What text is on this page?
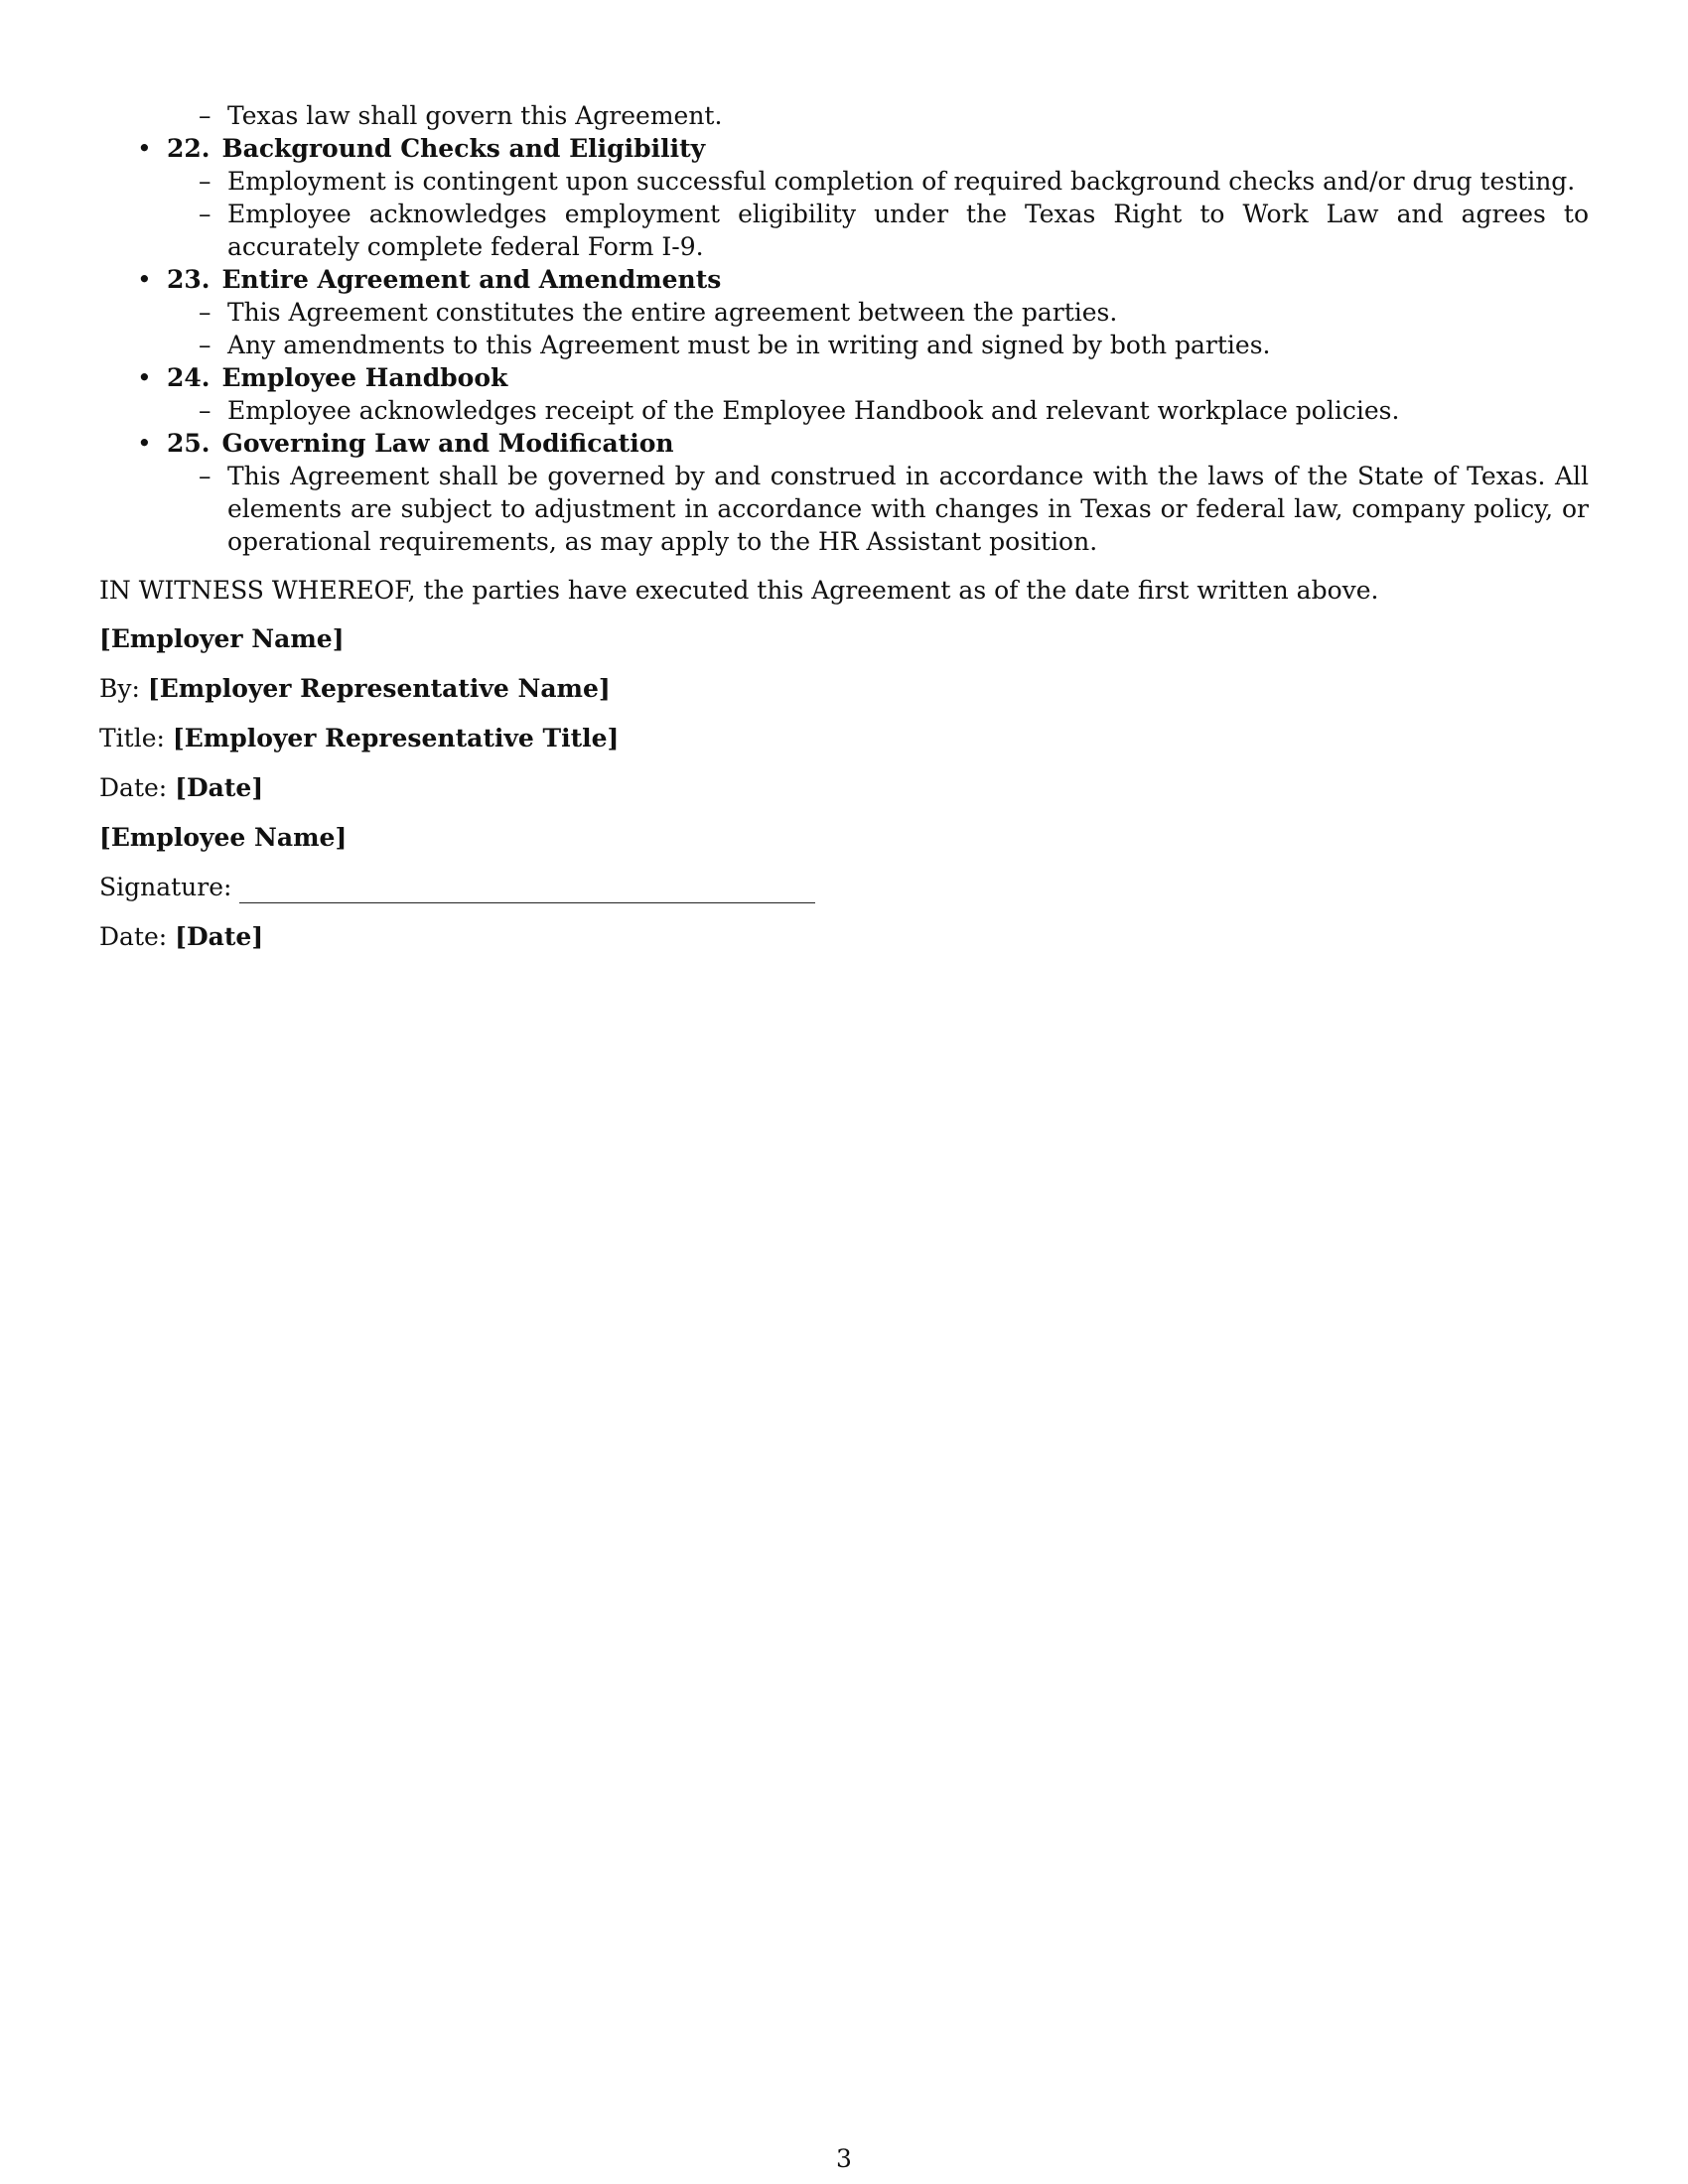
– Texas law shall govern this Agreement.
• 22. Background Checks and Eligibility
– Employment is contingent upon successful completion of required background checks and/or drug testing.
– Employee acknowledges employment eligibility under the Texas Right to Work Law and agrees to accurately complete federal Form I-9.
• 23. Entire Agreement and Amendments
– This Agreement constitutes the entire agreement between the parties.
– Any amendments to this Agreement must be in writing and signed by both parties.
• 24. Employee Handbook
– Employee acknowledges receipt of the Employee Handbook and relevant workplace policies.
• 25. Governing Law and Modification
– This Agreement shall be governed by and construed in accordance with the laws of the State of Texas. All elements are subject to adjustment in accordance with changes in Texas or federal law, company policy, or operational requirements, as may apply to the HR Assistant position.

IN WITNESS WHEREOF, the parties have executed this Agreement as of the date first written above.

[Employer Name]
By: [Employer Representative Name]
Title: [Employer Representative Title]
Date: [Date]
[Employee Name]
Signature:
Date: [Date]
3
